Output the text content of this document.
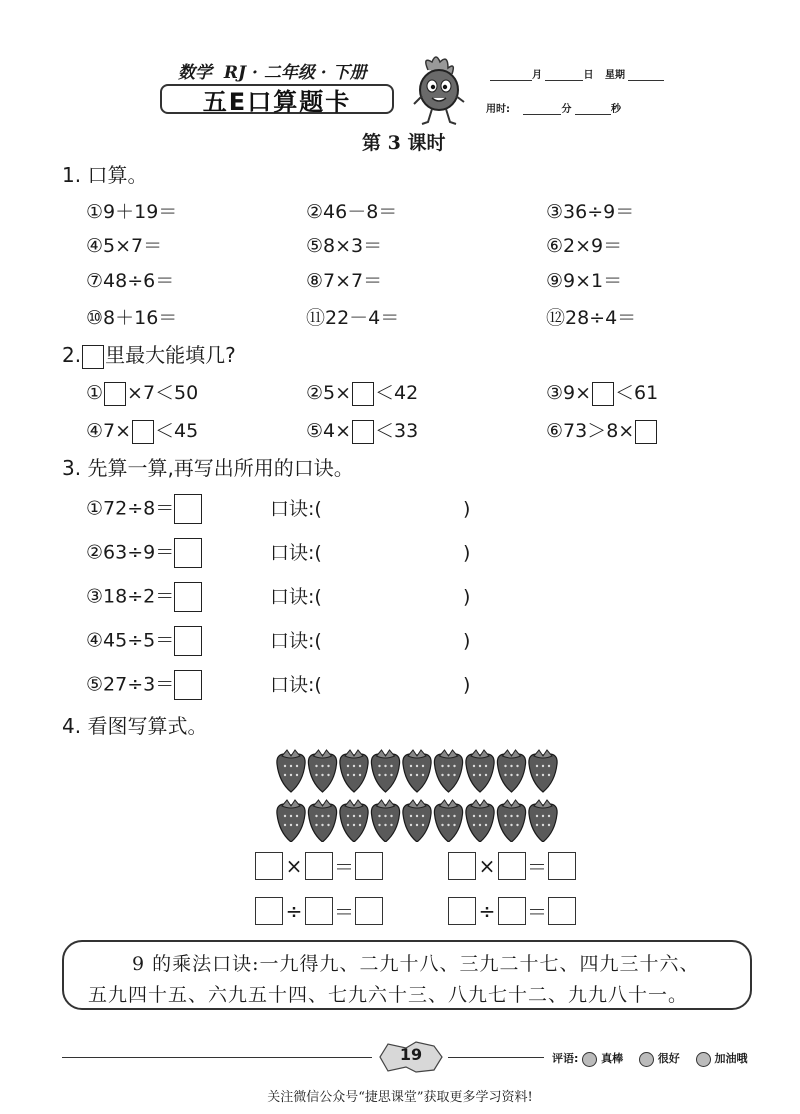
数学 RJ · 二年级 · 下册
五E口算题卡
月	日 星期
用时:	分	秒
第 3 课时
1. 口算。
①9＋19＝	②46－8＝	③36÷9＝
④5×7＝	⑤8×3＝	⑥2×9＝
⑦48÷6＝	⑧7×7＝	⑨9×1＝
⑩8＋16＝	⑪22－4＝	⑫28÷4＝
2. 里最大能填几?
① ×7＜50	②5× ＜42	③9× ＜61
④7× ＜45	⑤4× ＜33	⑥73＞8×
3. 先算一算,再写出所用的口诀。
①72÷8＝	口诀:(	)
②63÷9＝	口诀:(	)
③18÷2＝	口诀:(	)
④45÷5＝	口诀:(	)
⑤27÷3＝	口诀:(	)
4. 看图写算式。
× ＝	× ＝
÷ ＝	÷ ＝
9 的乘法口诀:一九得九、二九十八、三九二十七、四九三十六、
五九四十五、六九五十四、七九六十三、八九七十二、九九八十一。
19	评语: 真棒	很好	加油哦
关注微信公众号“捷思课堂”获取更多学习资料!
